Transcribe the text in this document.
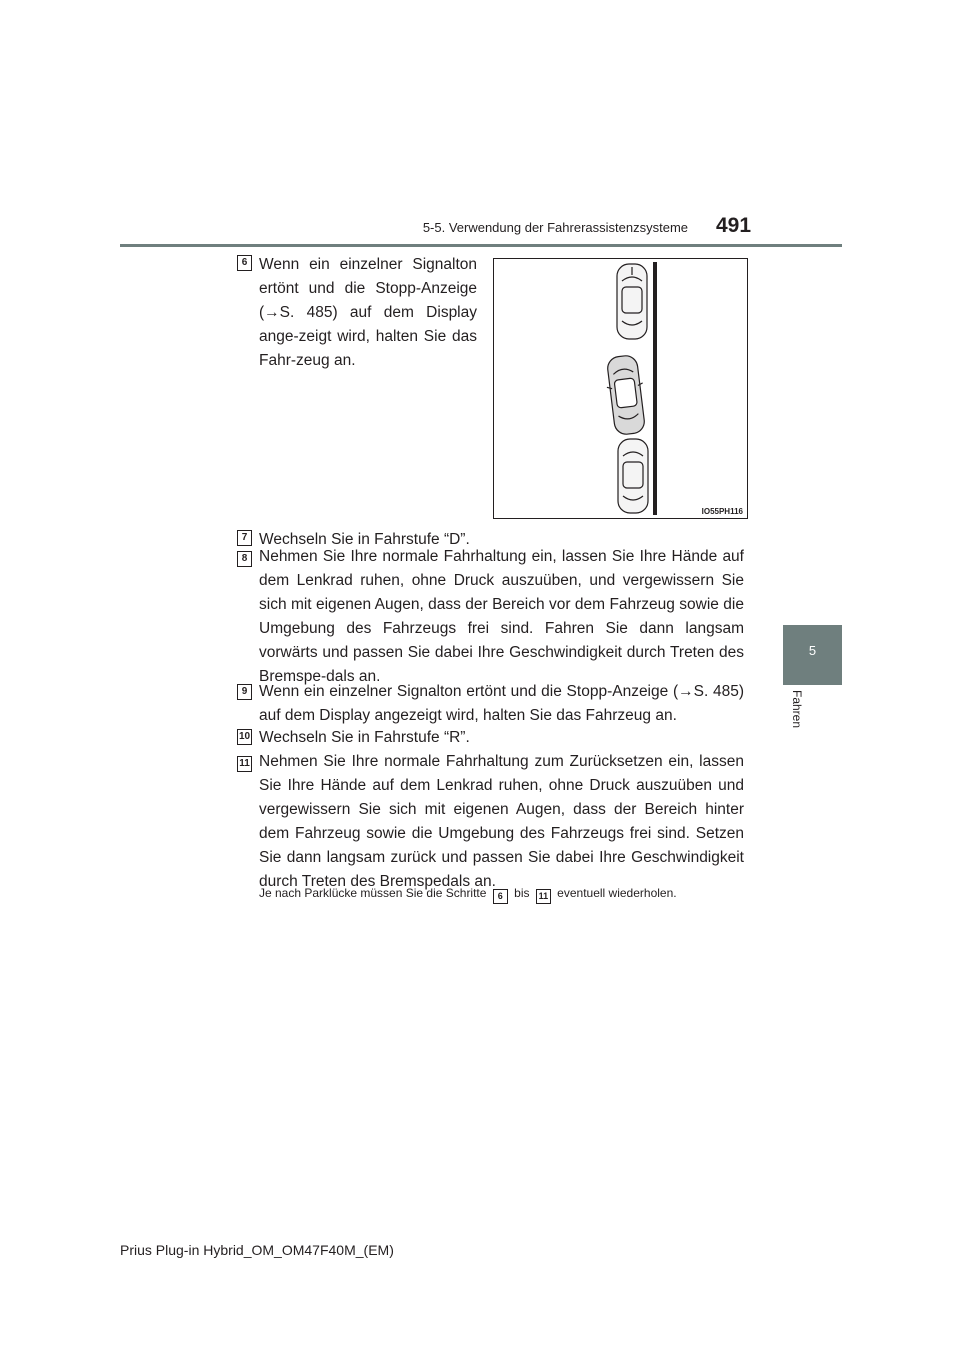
5-5. Verwendung der Fahrerassistenzsysteme 491
5
Fahren
6 Wenn ein einzelner Signalton ertönt und die Stopp-Anzeige (→S. 485) auf dem Display ange-zeigt wird, halten Sie das Fahr-zeug an.
IO55PH116
7 Wechseln Sie in Fahrstufe “D”.
8 Nehmen Sie Ihre normale Fahrhaltung ein, lassen Sie Ihre Hände auf dem Lenkrad ruhen, ohne Druck auszuüben, und vergewissern Sie sich mit eigenen Augen, dass der Bereich vor dem Fahrzeug sowie die Umgebung des Fahrzeugs frei sind. Fahren Sie dann langsam vorwärts und passen Sie dabei Ihre Geschwindigkeit durch Treten des Bremspe-dals an.
9 Wenn ein einzelner Signalton ertönt und die Stopp-Anzeige (→S. 485) auf dem Display angezeigt wird, halten Sie das Fahrzeug an.
10 Wechseln Sie in Fahrstufe “R”.
11 Nehmen Sie Ihre normale Fahrhaltung zum Zurücksetzen ein, lassen Sie Ihre Hände auf dem Lenkrad ruhen, ohne Druck auszuüben und vergewissern Sie sich mit eigenen Augen, dass der Bereich hinter dem Fahrzeug sowie die Umgebung des Fahrzeugs frei sind. Setzen Sie dann langsam zurück und passen Sie dabei Ihre Geschwindigkeit durch Treten des Bremspedals an.
Je nach Parklücke müssen Sie die Schritte 6 bis 11 eventuell wiederholen.
Prius Plug-in Hybrid_OM_OM47F40M_(EM)
